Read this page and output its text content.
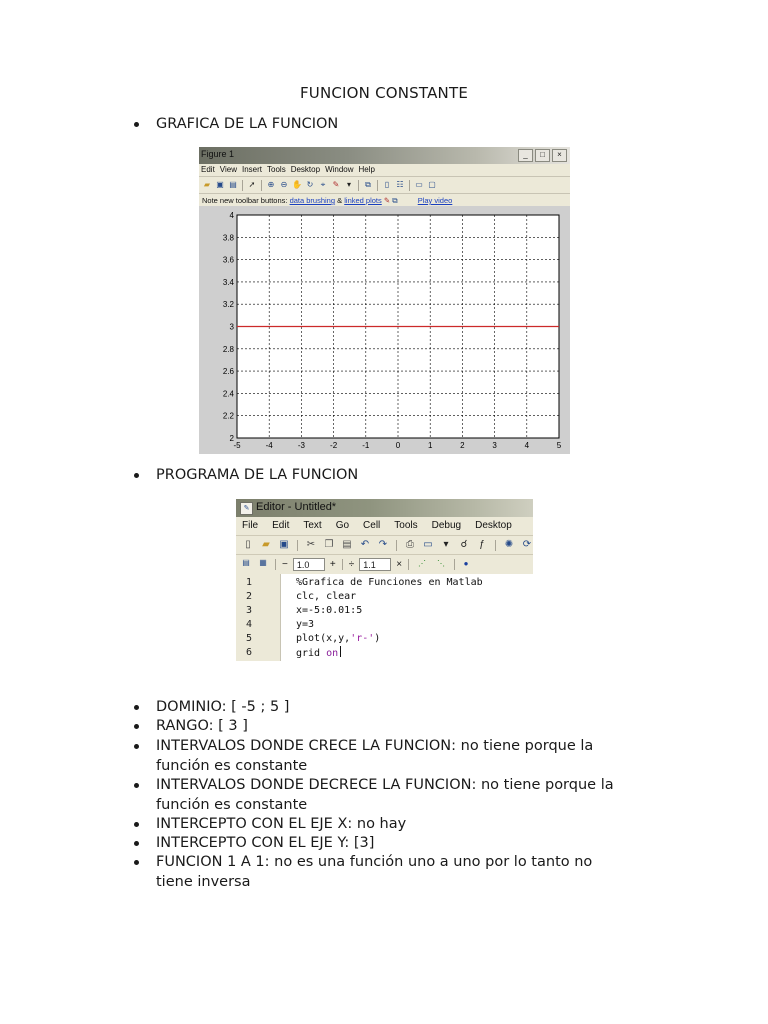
FUNCION CONSTANTE
GRAFICA DE LA FUNCION
Figure 1	_	□	×
Edit View Insert Tools Desktop Window Help
▰ ▣ ▤ ➚ ⊕ ⊖ ✋ ↻ ⌖ ✎ ▾	⧉	▯ ☷ ▭ ▢
Note new toolbar buttons: data brushing & linked plots ✎ ⧉	Play video
-5	-4	-3	-2	-1	0	1	2	3	4	5
2
2.2
2.4
2.6
2.8
3
3.2
3.4
3.6
3.8
4
PROGRAMA DE LA FUNCION
✎ Editor - Untitled*
File Edit Text Go Cell Tools Debug Desktop
▯	▰ ▣ ✂ ❐ ▤ ↶ ↷ ⎙ ▭	▾	☌	ƒ	✺ ⟳
▤ ▦ −	1.0	+ ÷	1.1	×	⋰	⋱	●
1	%Grafica de Funciones en Matlab
2	clc, clear
3	x=-5:0.01:5
4	y=3
5	plot(x,y,'r-')
6	grid on
DOMINIO: [ -5 ; 5 ]
RANGO: [ 3 ]
INTERVALOS DONDE CRECE LA FUNCION: no tiene porque la
función es constante
INTERVALOS DONDE DECRECE LA FUNCION: no tiene porque la
función es constante
INTERCEPTO CON EL EJE X: no hay
INTERCEPTO CON EL EJE Y: [3]
FUNCION 1 A 1: no es una función uno a uno por lo tanto no
tiene inversa
